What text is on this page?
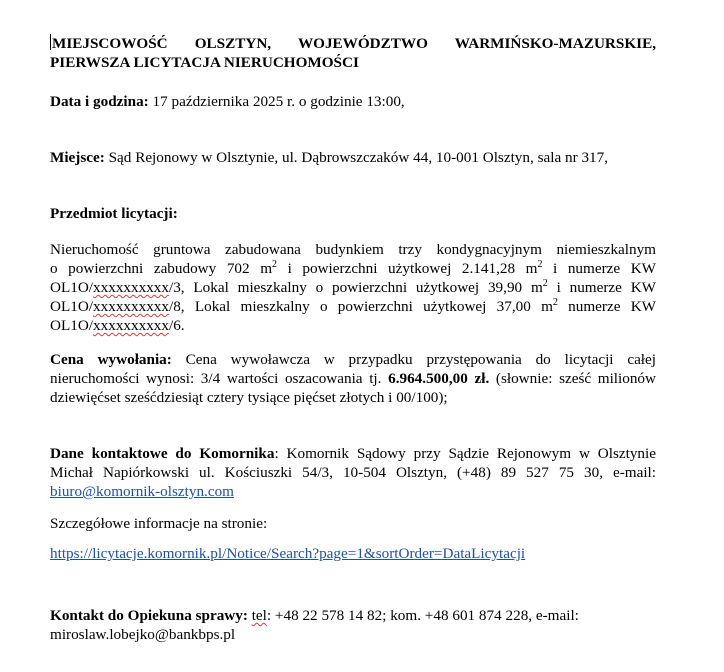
MIEJSCOWOŚĆ OLSZTYN, WOJEWÓDZTWO WARMIŃSKO-MAZURSKIE,
PIERWSZA LICYTACJA NIERUCHOMOŚCI
Data i godzina: 17 października 2025 r. o godzinie 13:00,
Miejsce: Sąd Rejonowy w Olsztynie, ul. Dąbrowszczaków 44, 10-001 Olsztyn, sala nr 317,
Przedmiot licytacji:
Nieruchomość gruntowa zabudowana budynkiem trzy kondygnacyjnym niemieszkalnym
o powierzchni zabudowy 702 $m^2$ i powierzchni użytkowej 2.141,28 $m^2$ i numerze KW
OL1O/xxxxxxxxxx/3, Lokal mieszkalny o powierzchni użytkowej 39,90 $m^2$ i numerze KW
OL1O/xxxxxxxxxx/8, Lokal mieszkalny o powierzchni użytkowej 37,00 $m^2$ numerze KW
OL1O/xxxxxxxxxx/6.
Cena wywołania: Cena wywoławcza w przypadku przystępowania do licytacji całej
nieruchomości wynosi: 3/4 wartości oszacowania tj. 6.964.500,00 zł. (słownie: sześć milionów
dziewięćset sześćdziesiąt cztery tysiące pięćset złotych i 00/100);
Dane kontaktowe do Komornika: Komornik Sądowy przy Sądzie Rejonowym w Olsztynie
Michał Napiórkowski ul. Kościuszki 54/3, 10-504 Olsztyn, (+48) 89 527 75 30, e-mail:
biuro@komornik-olsztyn.com
Szczegółowe informacje na stronie:
https://licytacje.komornik.pl/Notice/Search?page=1&sortOrder=DataLicytacji
Kontakt do Opiekuna sprawy: tel: +48 22 578 14 82; kom. +48 601 874 228, e-mail:
miroslaw.lobejko@bankbps.pl
